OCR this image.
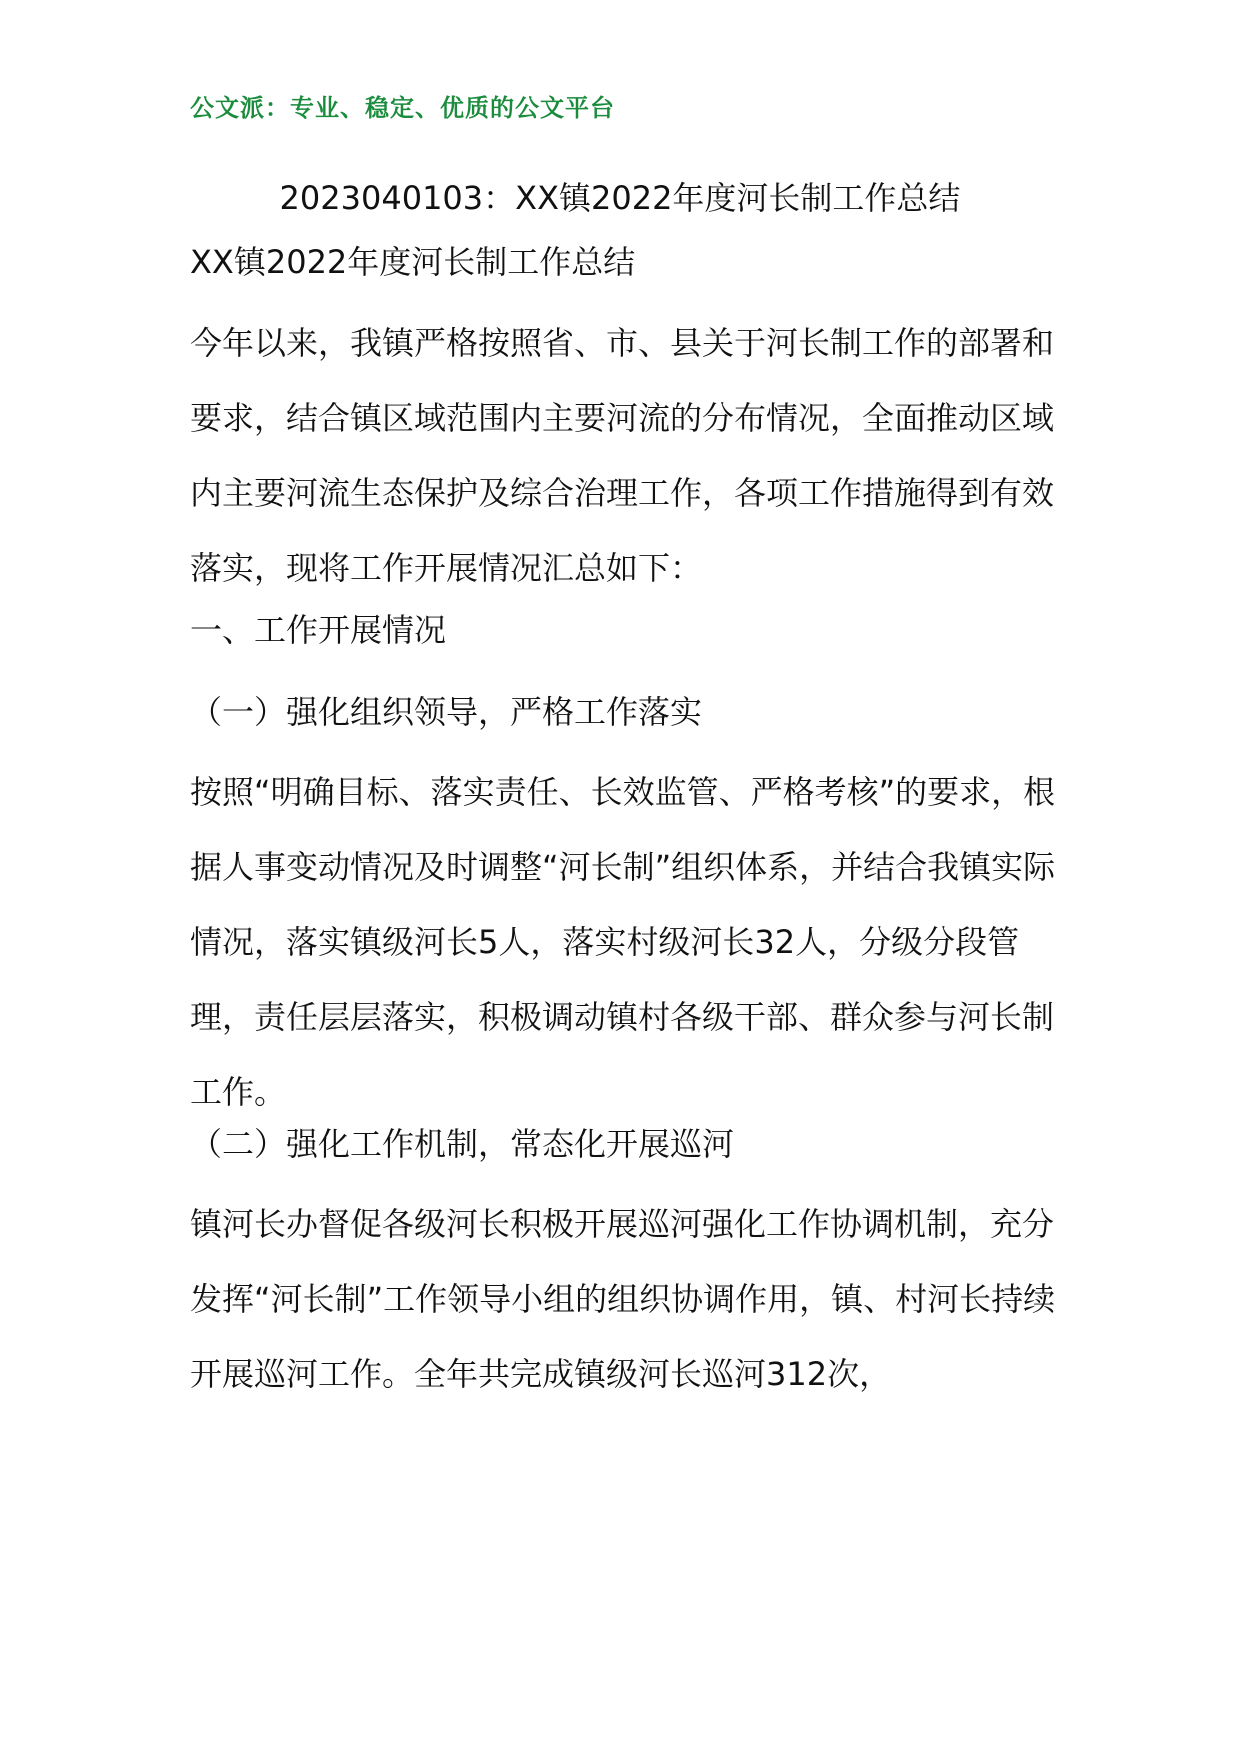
公文派：专业、稳定、优质的公文平台
2023040103：XX镇2022年度河长制工作总结

XX镇2022年度河长制工作总结

今年以来，我镇严格按照省、市、县关于河长制工作的部署和要求，结合镇区域范围内主要河流的分布情况，全面推动区域内主要河流生态保护及综合治理工作，各项工作措施得到有效落实，现将工作开展情况汇总如下：

一、工作开展情况

（一）强化组织领导，严格工作落实

按照“明确目标、落实责任、长效监管、严格考核”的要求，根据人事变动情况及时调整“河长制”组织体系，并结合我镇实际情况，落实镇级河长5人，落实村级河长32人，分级分段管理，责任层层落实，积极调动镇村各级干部、群众参与河长制工作。

（二）强化工作机制，常态化开展巡河

镇河长办督促各级河长积极开展巡河强化工作协调机制，充分发挥“河长制”工作领导小组的组织协调作用，镇、村河长持续开展巡河工作。全年共完成镇级河长巡河312次，
